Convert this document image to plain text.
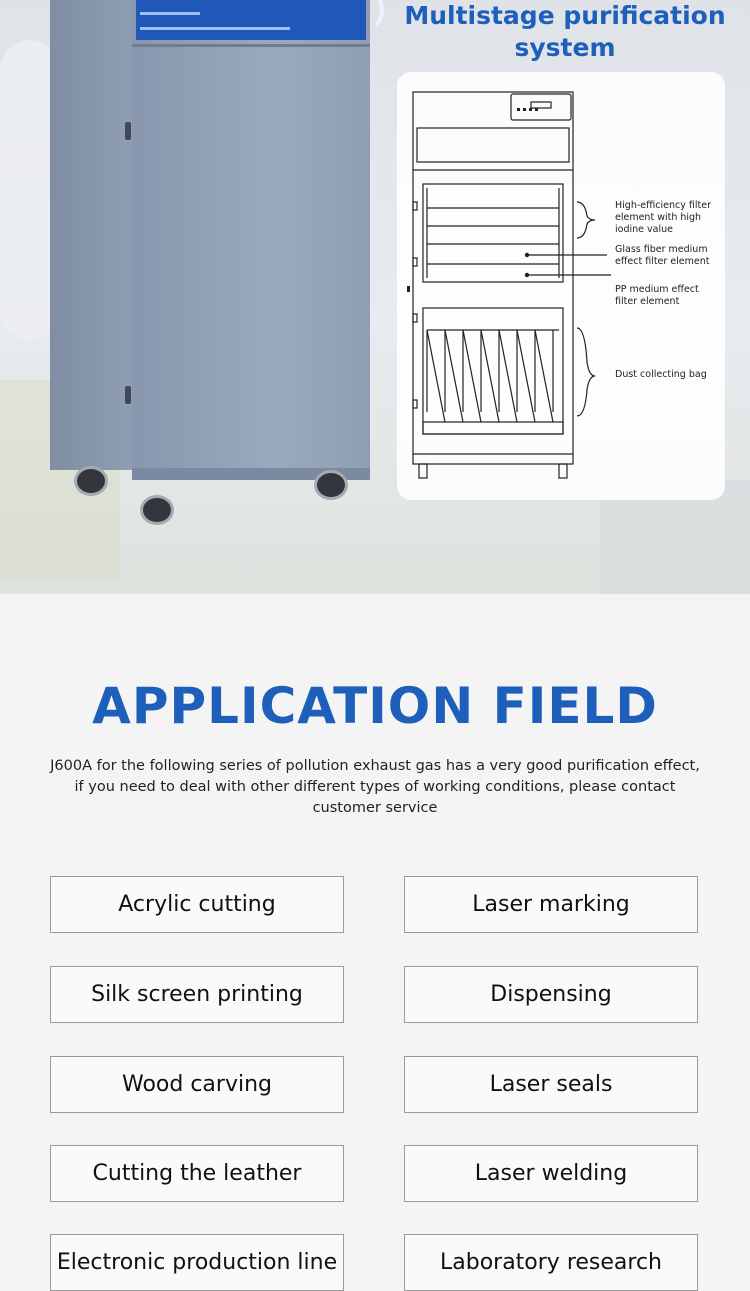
Multistage purification system
High-efficiency filter
element with high
iodine value
Glass fiber medium
effect filter element
PP medium effect
filter element
Dust collecting bag
APPLICATION FIELD
J600A for the following series of pollution exhaust gas has a very good purification effect, if you need to deal with other different types of working conditions, please contact customer service
Acrylic cutting	Laser marking
Silk screen printing	Dispensing
Wood carving	Laser seals
Cutting the leather	Laser welding
Electronic production line	Laboratory research
